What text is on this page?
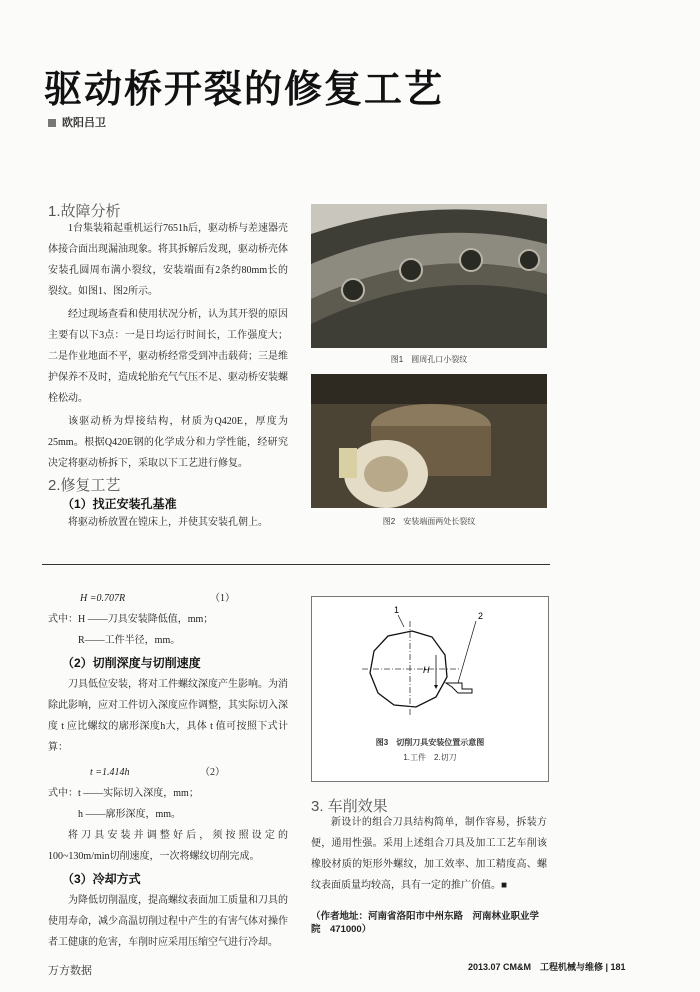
驱动桥开裂的修复工艺
欧阳吕卫
1.故障分析

1台集装箱起重机运行7651h后，驱动桥与差速器壳体接合面出现漏油现象。将其拆解后发现，驱动桥壳体安装孔圆周布满小裂纹，安装端面有2条约80mm长的裂纹。如图1、图2所示。

经过现场查看和使用状况分析，认为其开裂的原因主要有以下3点：一是日均运行时间长，工作强度大；二是作业地面不平，驱动桥经常受到冲击载荷；三是维护保养不及时，造成轮胎充气气压不足、驱动桥安装螺栓松动。

该驱动桥为焊接结构，材质为Q420E，厚度为25mm。根据Q420E钢的化学成分和力学性能，经研究决定将驱动桥拆下，采取以下工艺进行修复。

2.修复工艺
（1）找正安装孔基准
将驱动桥放置在镗床上，并使其安装孔朝上。
图1　圆周孔口小裂纹
图2　安装端面两处长裂纹
H =0.707R	（1）
式中：H ——刀具安装降低值，mm；
R——工件半径，mm。
（2）切削深度与切削速度

刀具低位安装，将对工件螺纹深度产生影响。为消除此影响，应对工件切入深度应作调整，其实际切入深度 t 应比螺纹的廓形深度h大，具体 t 值可按照下式计算：

t =1.414h	（2）
式中：t ——实际切入深度，mm；
h ——廓形深度，mm。

将刀具安装并调整好后，须按照设定的100~130m/min切削速度，一次将螺纹切削完成。

（3）冷却方式

为降低切削温度，提高螺纹表面加工质量和刀具的使用寿命，减少高温切削过程中产生的有害气体对操作者工健康的危害，车削时应采用压缩空气进行冷却。

1
2
H
图3　切削刀具安装位置示意图
1.工件　2.切刀
3. 车削效果

新设计的组合刀具结构简单，制作容易，拆装方便，通用性强。采用上述组合刀具及加工工艺车削该橡胶材质的矩形外螺纹，加工效率、加工精度高、螺纹表面质量均较高，具有一定的推广价值。■

（作者地址：河南省洛阳市中州东路　河南林业职业学院　471000）
万方数据	2013.07 CM&M　工程机械与维修 | 181
